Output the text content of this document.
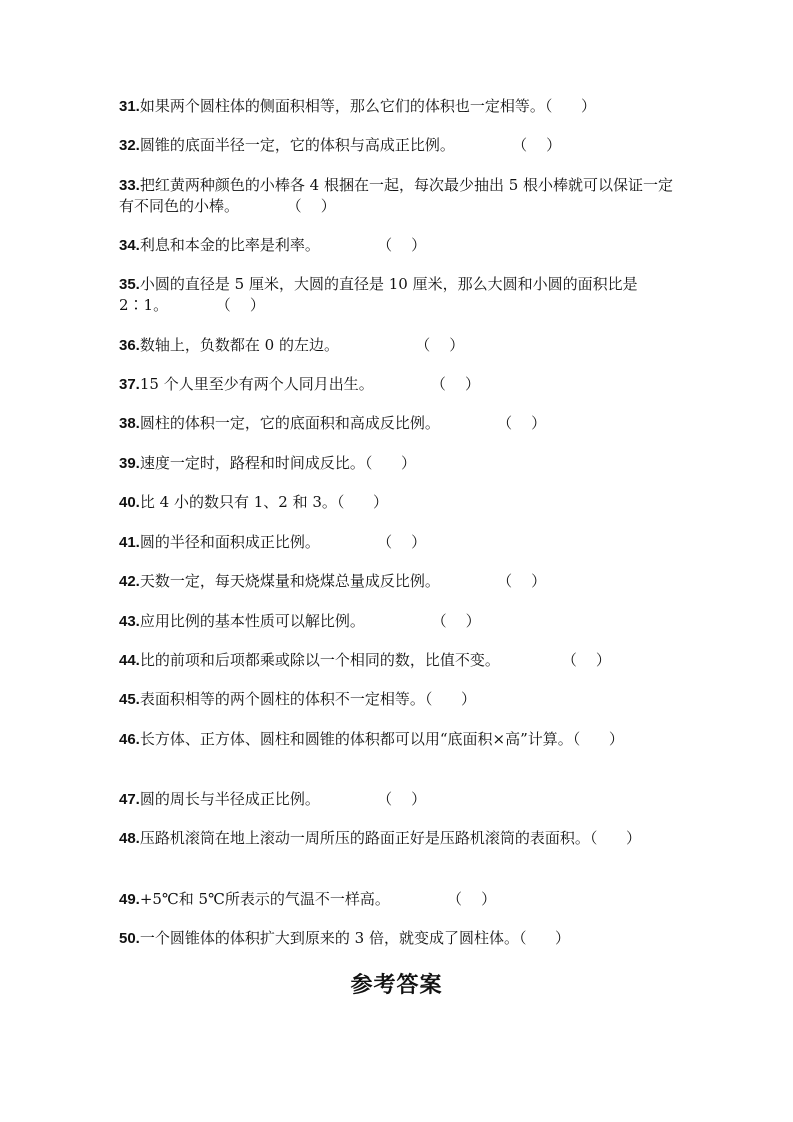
31.如果两个圆柱体的侧面积相等，那么它们的体积也一定相等。（      ）
32.圆锥的底面半径一定，它的体积与高成正比例。            （    ）
33.把红黄两种颜色的小棒各 4 根捆在一起，每次最少抽出 5 根小棒就可以保证一定有不同色的小棒。          （    ）
34.利息和本金的比率是利率。            （    ）
35.小圆的直径是 5 厘米，大圆的直径是 10 厘米，那么大圆和小圆的面积比是 2∶1。          （    ）
36.数轴上，负数都在 0 的左边。                （    ）
37.15 个人里至少有两个人同月出生。            （    ）
38.圆柱的体积一定，它的底面积和高成反比例。            （    ）
39.速度一定时，路程和时间成反比。（      ）
40.比 4 小的数只有 1、2 和 3。（      ）
41.圆的半径和面积成正比例。            （    ）
42.天数一定，每天烧煤量和烧煤总量成反比例。            （    ）
43.应用比例的基本性质可以解比例。              （    ）
44.比的前项和后项都乘或除以一个相同的数，比值不变。             （    ）
45.表面积相等的两个圆柱的体积不一定相等。（      ）
46.长方体、正方体、圆柱和圆锥的体积都可以用“底面积×高”计算。（      ）
47.圆的周长与半径成正比例。            （    ）
48.压路机滚筒在地上滚动一周所压的路面正好是压路机滚筒的表面积。（      ）
49.+5℃和 5℃所表示的气温不一样高。            （    ）
50.一个圆锥体的体积扩大到原来的 3 倍，就变成了圆柱体。（      ）
参考答案
